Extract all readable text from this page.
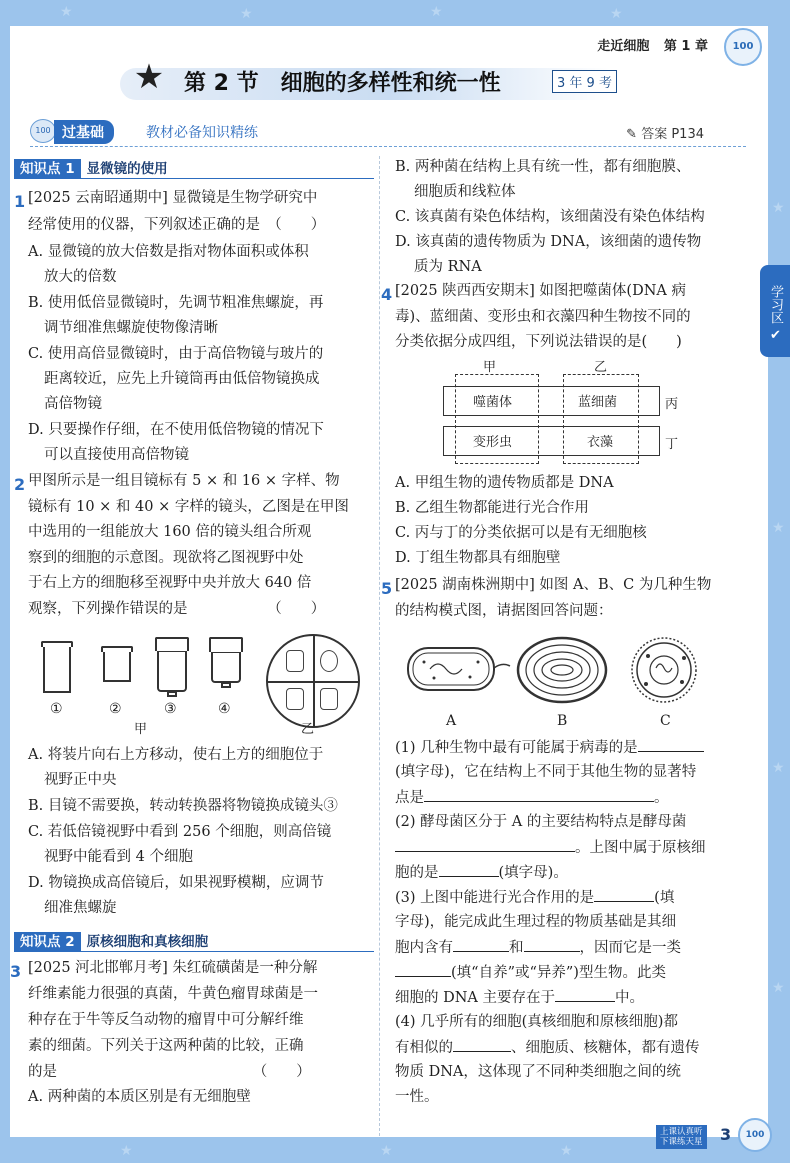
★	★	★	★
★
★
★
★
★	★	★
走近细胞 第 1 章	100
★ 第 2 节 细胞的多样性和统一性	3 年 9 考
100 过基础	教材必备知识精练	✎ 答案 P134
学习区 ✔
知识点 1 显微镜的使用
1 [2025 云南昭通期中] 显微镜是生物学研究中
经常使用的仪器，下列叙述正确的是　（　　）
A. 显微镜的放大倍数是指对物体面积或体积
放大的倍数
B. 使用低倍显微镜时，先调节粗准焦螺旋，再
调节细准焦螺旋使物像清晰
C. 使用高倍显微镜时，由于高倍物镜与玻片的
距离较近，应先上升镜筒再由低倍物镜换成
高倍物镜
D. 只要操作仔细，在不使用低倍物镜的情况下
可以直接使用高倍物镜
2 甲图所示是一组目镜标有 5 × 和 16 × 字样、物
镜标有 10 × 和 40 × 字样的镜头，乙图是在甲图
中选用的一组能放大 160 倍的镜头组合所观
察到的细胞的示意图。现欲将乙图视野中处
于右上方的细胞移至视野中央并放大 640 倍
观察，下列操作错误的是　　　　　　（　　）
①	②	③	④
甲	乙
A. 将装片向右上方移动，使右上方的细胞位于
视野正中央
B. 目镜不需要换，转动转换器将物镜换成镜头③
C. 若低倍镜视野中看到 256 个细胞，则高倍镜
视野中能看到 4 个细胞
D. 物镜换成高倍镜后，如果视野模糊，应调节
细准焦螺旋
知识点 2 原核细胞和真核细胞
3 [2025 河北邯郸月考] 朱红硫磺菌是一种分解
纤维素能力很强的真菌，牛黄色瘤胃球菌是一
种存在于牛等反刍动物的瘤胃中可分解纤维
素的细菌。下列关于这两种菌的比较，正确
的是　　　　　　　　　　　　　　（　　）
A. 两种菌的本质区别是有无细胞壁
B. 两种菌在结构上具有统一性，都有细胞膜、
细胞质和线粒体
C. 该真菌有染色体结构，该细菌没有染色体结构
D. 该真菌的遗传物质为 DNA，该细菌的遗传物
质为 RNA
4 [2025 陕西西安期末] 如图把噬菌体(DNA 病
毒)、蓝细菌、变形虫和衣藻四种生物按不同的
分类依据分成四组，下列说法错误的是(　　)
甲	乙
噬菌体	蓝细菌
变形虫	衣藻
丙
丁
A. 甲组生物的遗传物质都是 DNA
B. 乙组生物都能进行光合作用
C. 丙与丁的分类依据可以是有无细胞核
D. 丁组生物都具有细胞壁
5 [2025 湖南株洲期中] 如图 A、B、C 为几种生物
的结构模式图，请据图回答问题：
A	B	C
(1) 几种生物中最有可能属于病毒的是
(填字母)，它在结构上不同于其他生物的显著特
点是	。
(2) 酵母菌区分于 A 的主要结构特点是酵母菌
。上图中属于原核细
胞的是	(填字母)。
(3) 上图中能进行光合作用的是	(填
字母)，能完成此生理过程的物质基础是其细
胞内含有	和	，因而它是一类
(填“自养”或“异养”)型生物。此类
细胞的 DNA 主要存在于	中。
(4) 几乎所有的细胞(真核细胞和原核细胞)都
有相似的	、细胞质、核糖体，都有遗传
物质 DNA，这体现了不同种类细胞之间的统
一性。
上课认真听
下课练天星 3	100
